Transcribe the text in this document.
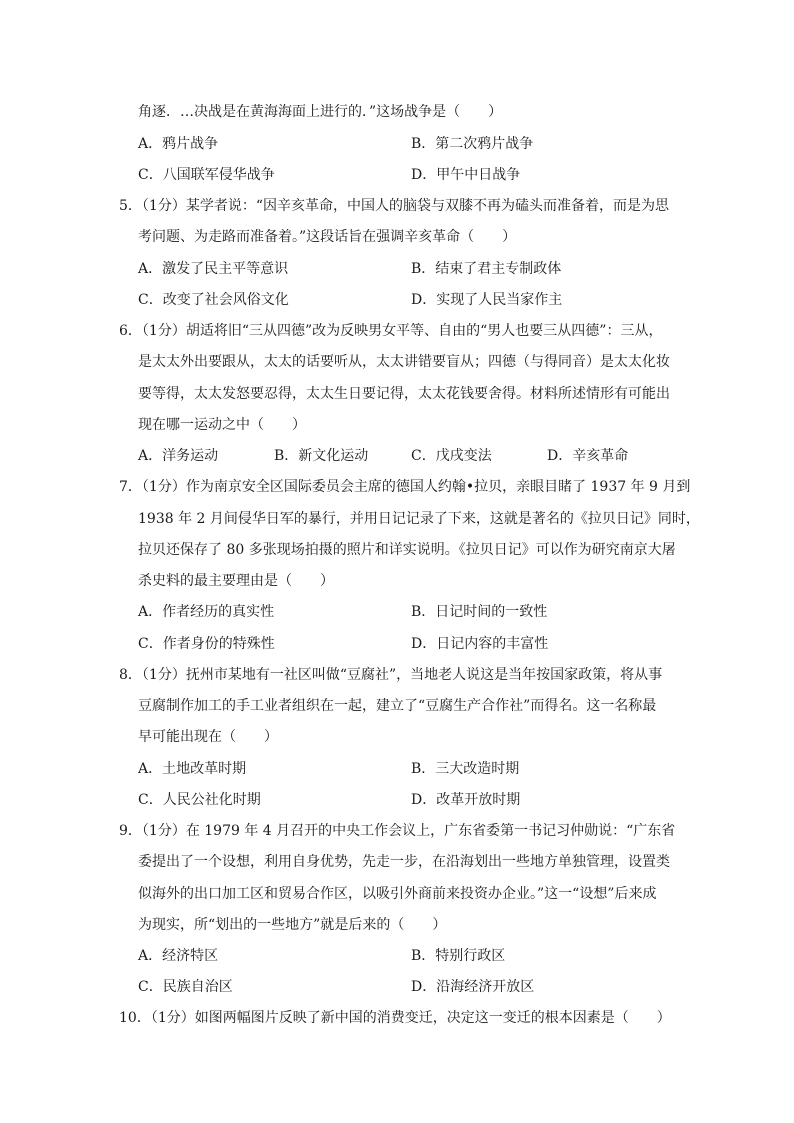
角逐．…决战是在黄海海面上进行的．”这场战争是（　　）
A．鸦片战争	B．第二次鸦片战争
C．八国联军侵华战争	D．甲午中日战争
5．（1分）某学者说：“因辛亥革命，中国人的脑袋与双膝不再为磕头而准备着，而是为思
考问题、为走路而准备着。”这段话旨在强调辛亥革命（　　）
A．激发了民主平等意识	B．结束了君主专制政体
C．改变了社会风俗文化	D．实现了人民当家作主
6．（1分）胡适将旧“三从四德”改为反映男女平等、自由的“男人也要三从四德”：三从，
是太太外出要跟从，太太的话要听从，太太讲错要盲从；四德（与得同音）是太太化妆
要等得，太太发怒要忍得，太太生日要记得，太太花钱要舍得。材料所述情形有可能出
现在哪一运动之中（　　）
A．洋务运动	B．新文化运动	C．戊戌变法	D．辛亥革命
7．（1分）作为南京安全区国际委员会主席的德国人约翰•拉贝，亲眼目睹了 1937 年 9 月到
1938 年 2 月间侵华日军的暴行，并用日记记录了下来，这就是著名的《拉贝日记》同时，
拉贝还保存了 80 多张现场拍摄的照片和详实说明。《拉贝日记》可以作为研究南京大屠
杀史料的最主要理由是（　　）
A．作者经历的真实性	B．日记时间的一致性
C．作者身份的特殊性	D．日记内容的丰富性
8．（1分）抚州市某地有一社区叫做“豆腐社”，当地老人说这是当年按国家政策，将从事
豆腐制作加工的手工业者组织在一起，建立了“豆腐生产合作社”而得名。这一名称最
早可能出现在（　　）
A．土地改革时期	B．三大改造时期
C．人民公社化时期	D．改革开放时期
9．（1分）在 1979 年 4 月召开的中央工作会议上，广东省委第一书记习仲勋说：“广东省
委提出了一个设想，利用自身优势，先走一步，在沿海划出一些地方单独管理，设置类
似海外的出口加工区和贸易合作区，以吸引外商前来投资办企业。”这一“设想”后来成
为现实，所“划出的一些地方”就是后来的（　　）
A．经济特区	B．特别行政区
C．民族自治区	D．沿海经济开放区
10．（1分）如图两幅图片反映了新中国的消费变迁，决定这一变迁的根本因素是（　　）
